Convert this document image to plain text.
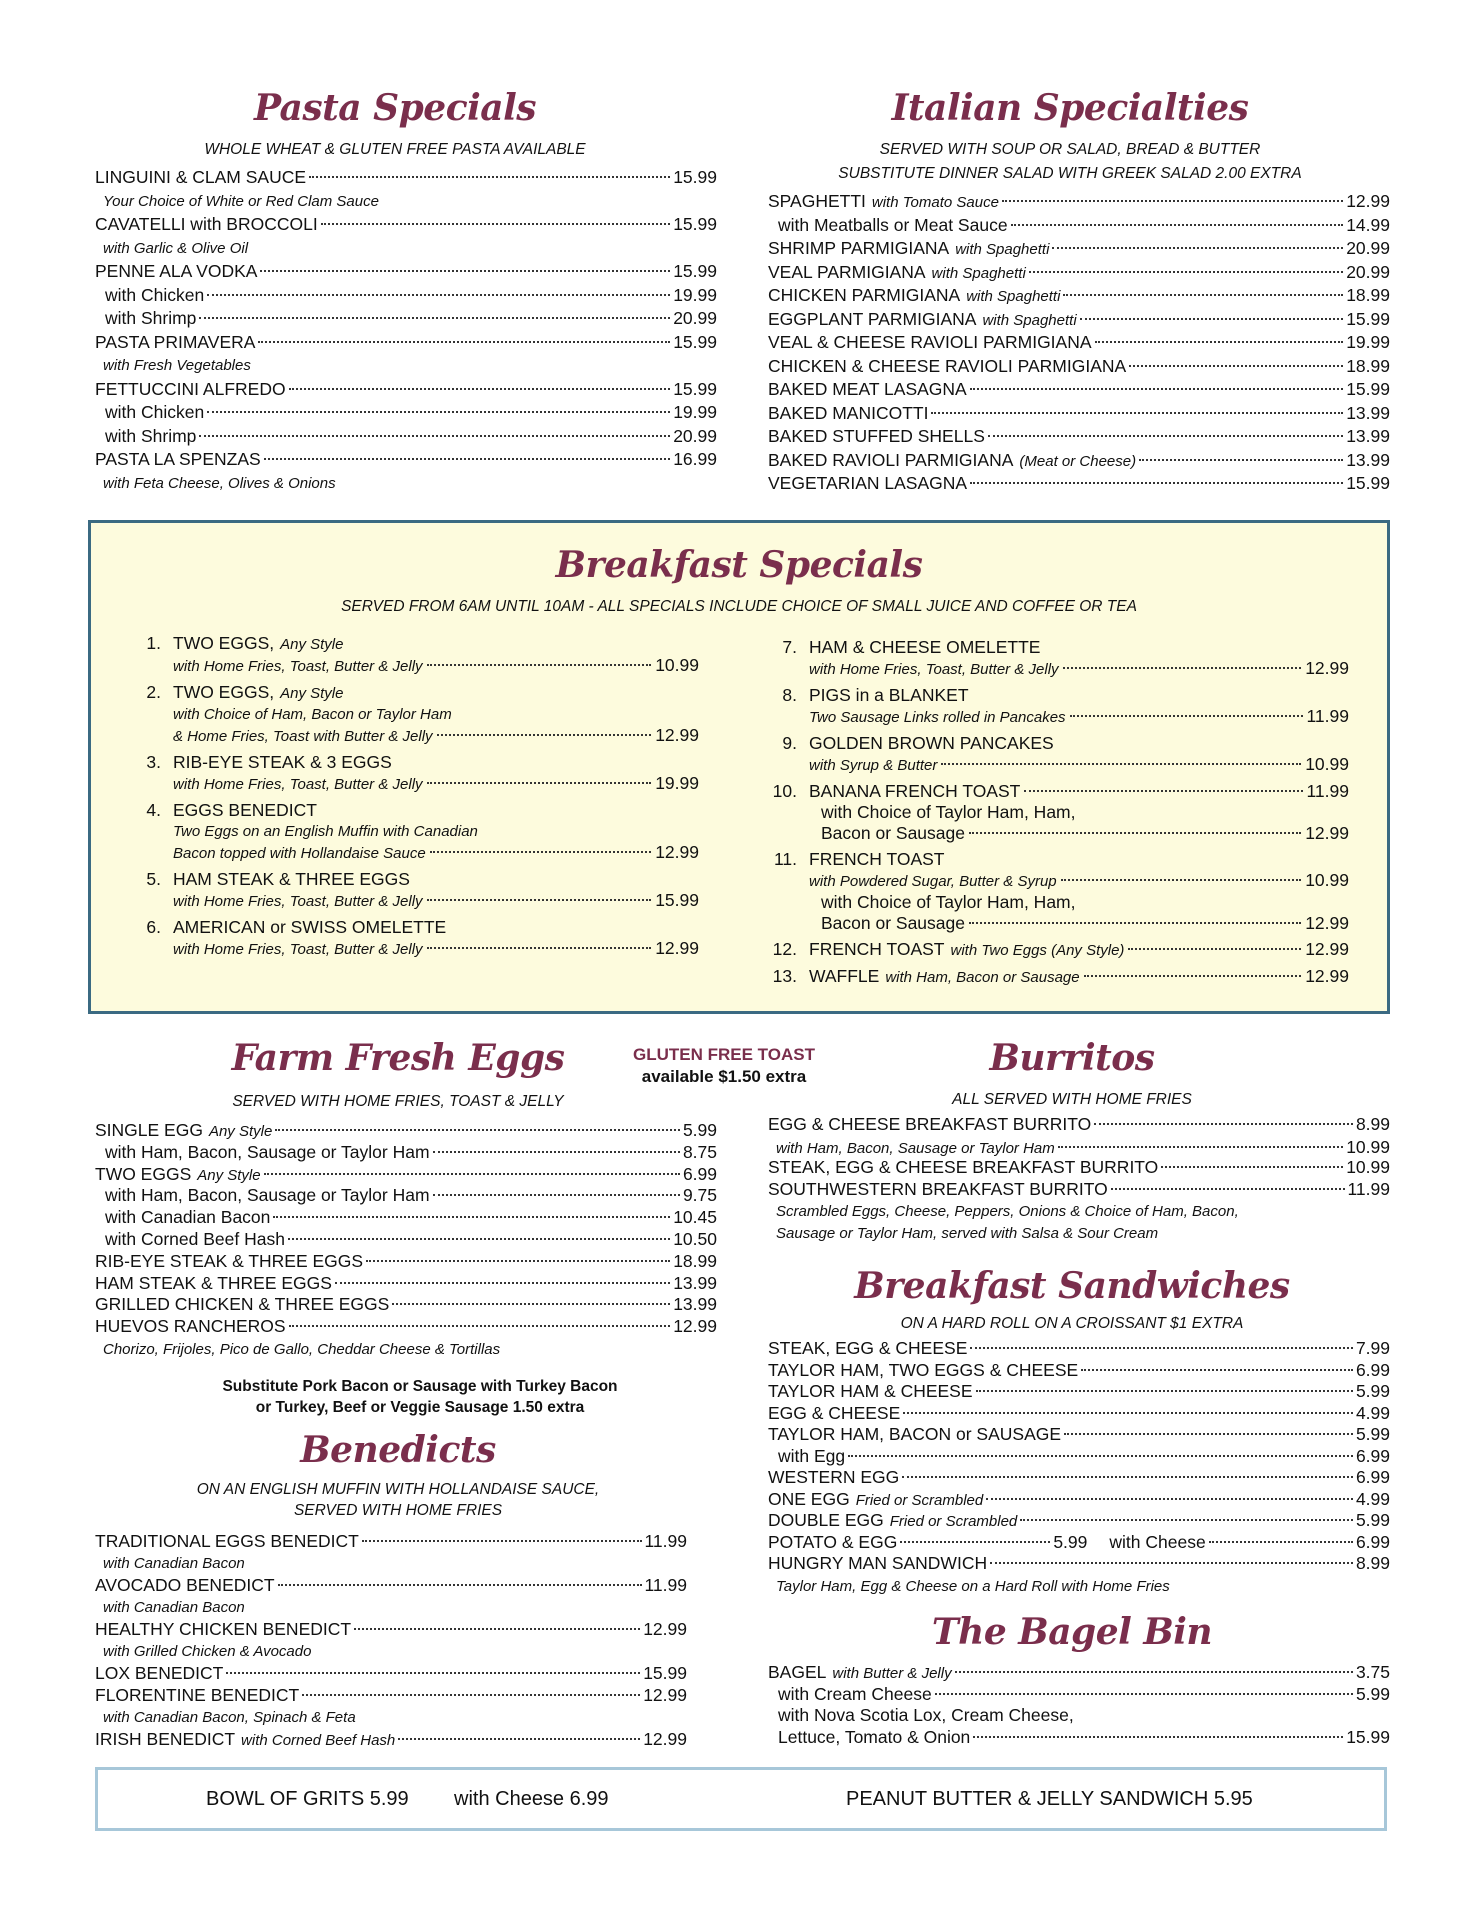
Pasta Specials
WHOLE WHEAT & GLUTEN FREE PASTA AVAILABLE
LINGUINI & CLAM SAUCE	15.99
Your Choice of White or Red Clam Sauce
CAVATELLI with BROCCOLI	15.99
with Garlic & Olive Oil
PENNE ALA VODKA	15.99
with Chicken	19.99
with Shrimp	20.99
PASTA PRIMAVERA	15.99
with Fresh Vegetables
FETTUCCINI ALFREDO	15.99
with Chicken	19.99
with Shrimp	20.99
PASTA LA SPENZAS	16.99
with Feta Cheese, Olives & Onions
Italian Specialties
SERVED WITH SOUP OR SALAD, BREAD & BUTTER
SUBSTITUTE DINNER SALAD WITH GREEK SALAD 2.00 EXTRA
SPAGHETTI with Tomato Sauce	12.99
with Meatballs or Meat Sauce	14.99
SHRIMP PARMIGIANA with Spaghetti	20.99
VEAL PARMIGIANA with Spaghetti	20.99
CHICKEN PARMIGIANA with Spaghetti	18.99
EGGPLANT PARMIGIANA with Spaghetti	15.99
VEAL & CHEESE RAVIOLI PARMIGIANA	19.99
CHICKEN & CHEESE RAVIOLI PARMIGIANA	18.99
BAKED MEAT LASAGNA	15.99
BAKED MANICOTTI	13.99
BAKED STUFFED SHELLS	13.99
BAKED RAVIOLI PARMIGIANA (Meat or Cheese)	13.99
VEGETARIAN LASAGNA	15.99
Breakfast Specials
SERVED FROM 6AM UNTIL 10AM - ALL SPECIALS INCLUDE CHOICE OF SMALL JUICE AND COFFEE OR TEA
1. TWO EGGS, Any Style
with Home Fries, Toast, Butter & Jelly	10.99
2. TWO EGGS, Any Style
with Choice of Ham, Bacon or Taylor Ham
& Home Fries, Toast with Butter & Jelly	12.99
3. RIB-EYE STEAK & 3 EGGS
with Home Fries, Toast, Butter & Jelly	19.99
4. EGGS BENEDICT
Two Eggs on an English Muffin with Canadian
Bacon topped with Hollandaise Sauce	12.99
5. HAM STEAK & THREE EGGS
with Home Fries, Toast, Butter & Jelly	15.99
6. AMERICAN or SWISS OMELETTE
with Home Fries, Toast, Butter & Jelly	12.99
7. HAM & CHEESE OMELETTE
with Home Fries, Toast, Butter & Jelly	12.99
8. PIGS in a BLANKET
Two Sausage Links rolled in Pancakes	11.99
9. GOLDEN BROWN PANCAKES
with Syrup & Butter	10.99
10. BANANA FRENCH TOAST	11.99
with Choice of Taylor Ham, Ham,
Bacon or Sausage	12.99
11. FRENCH TOAST
with Powdered Sugar, Butter & Syrup	10.99
with Choice of Taylor Ham, Ham,
Bacon or Sausage	12.99
12. FRENCH TOAST with Two Eggs (Any Style)	12.99
13. WAFFLE with Ham, Bacon or Sausage	12.99
GLUTEN FREE TOAST
available $1.50 extra
Farm Fresh Eggs
SERVED WITH HOME FRIES, TOAST & JELLY
SINGLE EGG Any Style	5.99
with Ham, Bacon, Sausage or Taylor Ham	8.75
TWO EGGS Any Style	6.99
with Ham, Bacon, Sausage or Taylor Ham	9.75
with Canadian Bacon	10.45
with Corned Beef Hash	10.50
RIB-EYE STEAK & THREE EGGS	18.99
HAM STEAK & THREE EGGS	13.99
GRILLED CHICKEN & THREE EGGS	13.99
HUEVOS RANCHEROS	12.99
Chorizo, Frijoles, Pico de Gallo, Cheddar Cheese & Tortillas
Substitute Pork Bacon or Sausage with Turkey Bacon
or Turkey, Beef or Veggie Sausage 1.50 extra
Benedicts
ON AN ENGLISH MUFFIN WITH HOLLANDAISE SAUCE,
SERVED WITH HOME FRIES
TRADITIONAL EGGS BENEDICT	11.99
with Canadian Bacon
AVOCADO BENEDICT	11.99
with Canadian Bacon
HEALTHY CHICKEN BENEDICT	12.99
with Grilled Chicken & Avocado
LOX BENEDICT	15.99
FLORENTINE BENEDICT	12.99
with Canadian Bacon, Spinach & Feta
IRISH BENEDICT with Corned Beef Hash	12.99
Burritos
ALL SERVED WITH HOME FRIES
EGG & CHEESE BREAKFAST BURRITO	8.99
with Ham, Bacon, Sausage or Taylor Ham	10.99
STEAK, EGG & CHEESE BREAKFAST BURRITO	10.99
SOUTHWESTERN BREAKFAST BURRITO	11.99
Scrambled Eggs, Cheese, Peppers, Onions & Choice of Ham, Bacon,
Sausage or Taylor Ham, served with Salsa & Sour Cream
Breakfast Sandwiches
ON A HARD ROLL ON A CROISSANT $1 EXTRA
STEAK, EGG & CHEESE	7.99
TAYLOR HAM, TWO EGGS & CHEESE	6.99
TAYLOR HAM & CHEESE	5.99
EGG & CHEESE	4.99
TAYLOR HAM, BACON or SAUSAGE	5.99
with Egg	6.99
WESTERN EGG	6.99
ONE EGG Fried or Scrambled	4.99
DOUBLE EGG Fried or Scrambled	5.99
POTATO & EGG	5.99 with Cheese	6.99
HUNGRY MAN SANDWICH	8.99
Taylor Ham, Egg & Cheese on a Hard Roll with Home Fries
The Bagel Bin
BAGEL with Butter & Jelly	3.75
with Cream Cheese	5.99
with Nova Scotia Lox, Cream Cheese,
Lettuce, Tomato & Onion	15.99
BOWL OF GRITS 5.99 with Cheese 6.99	PEANUT BUTTER & JELLY SANDWICH 5.95
